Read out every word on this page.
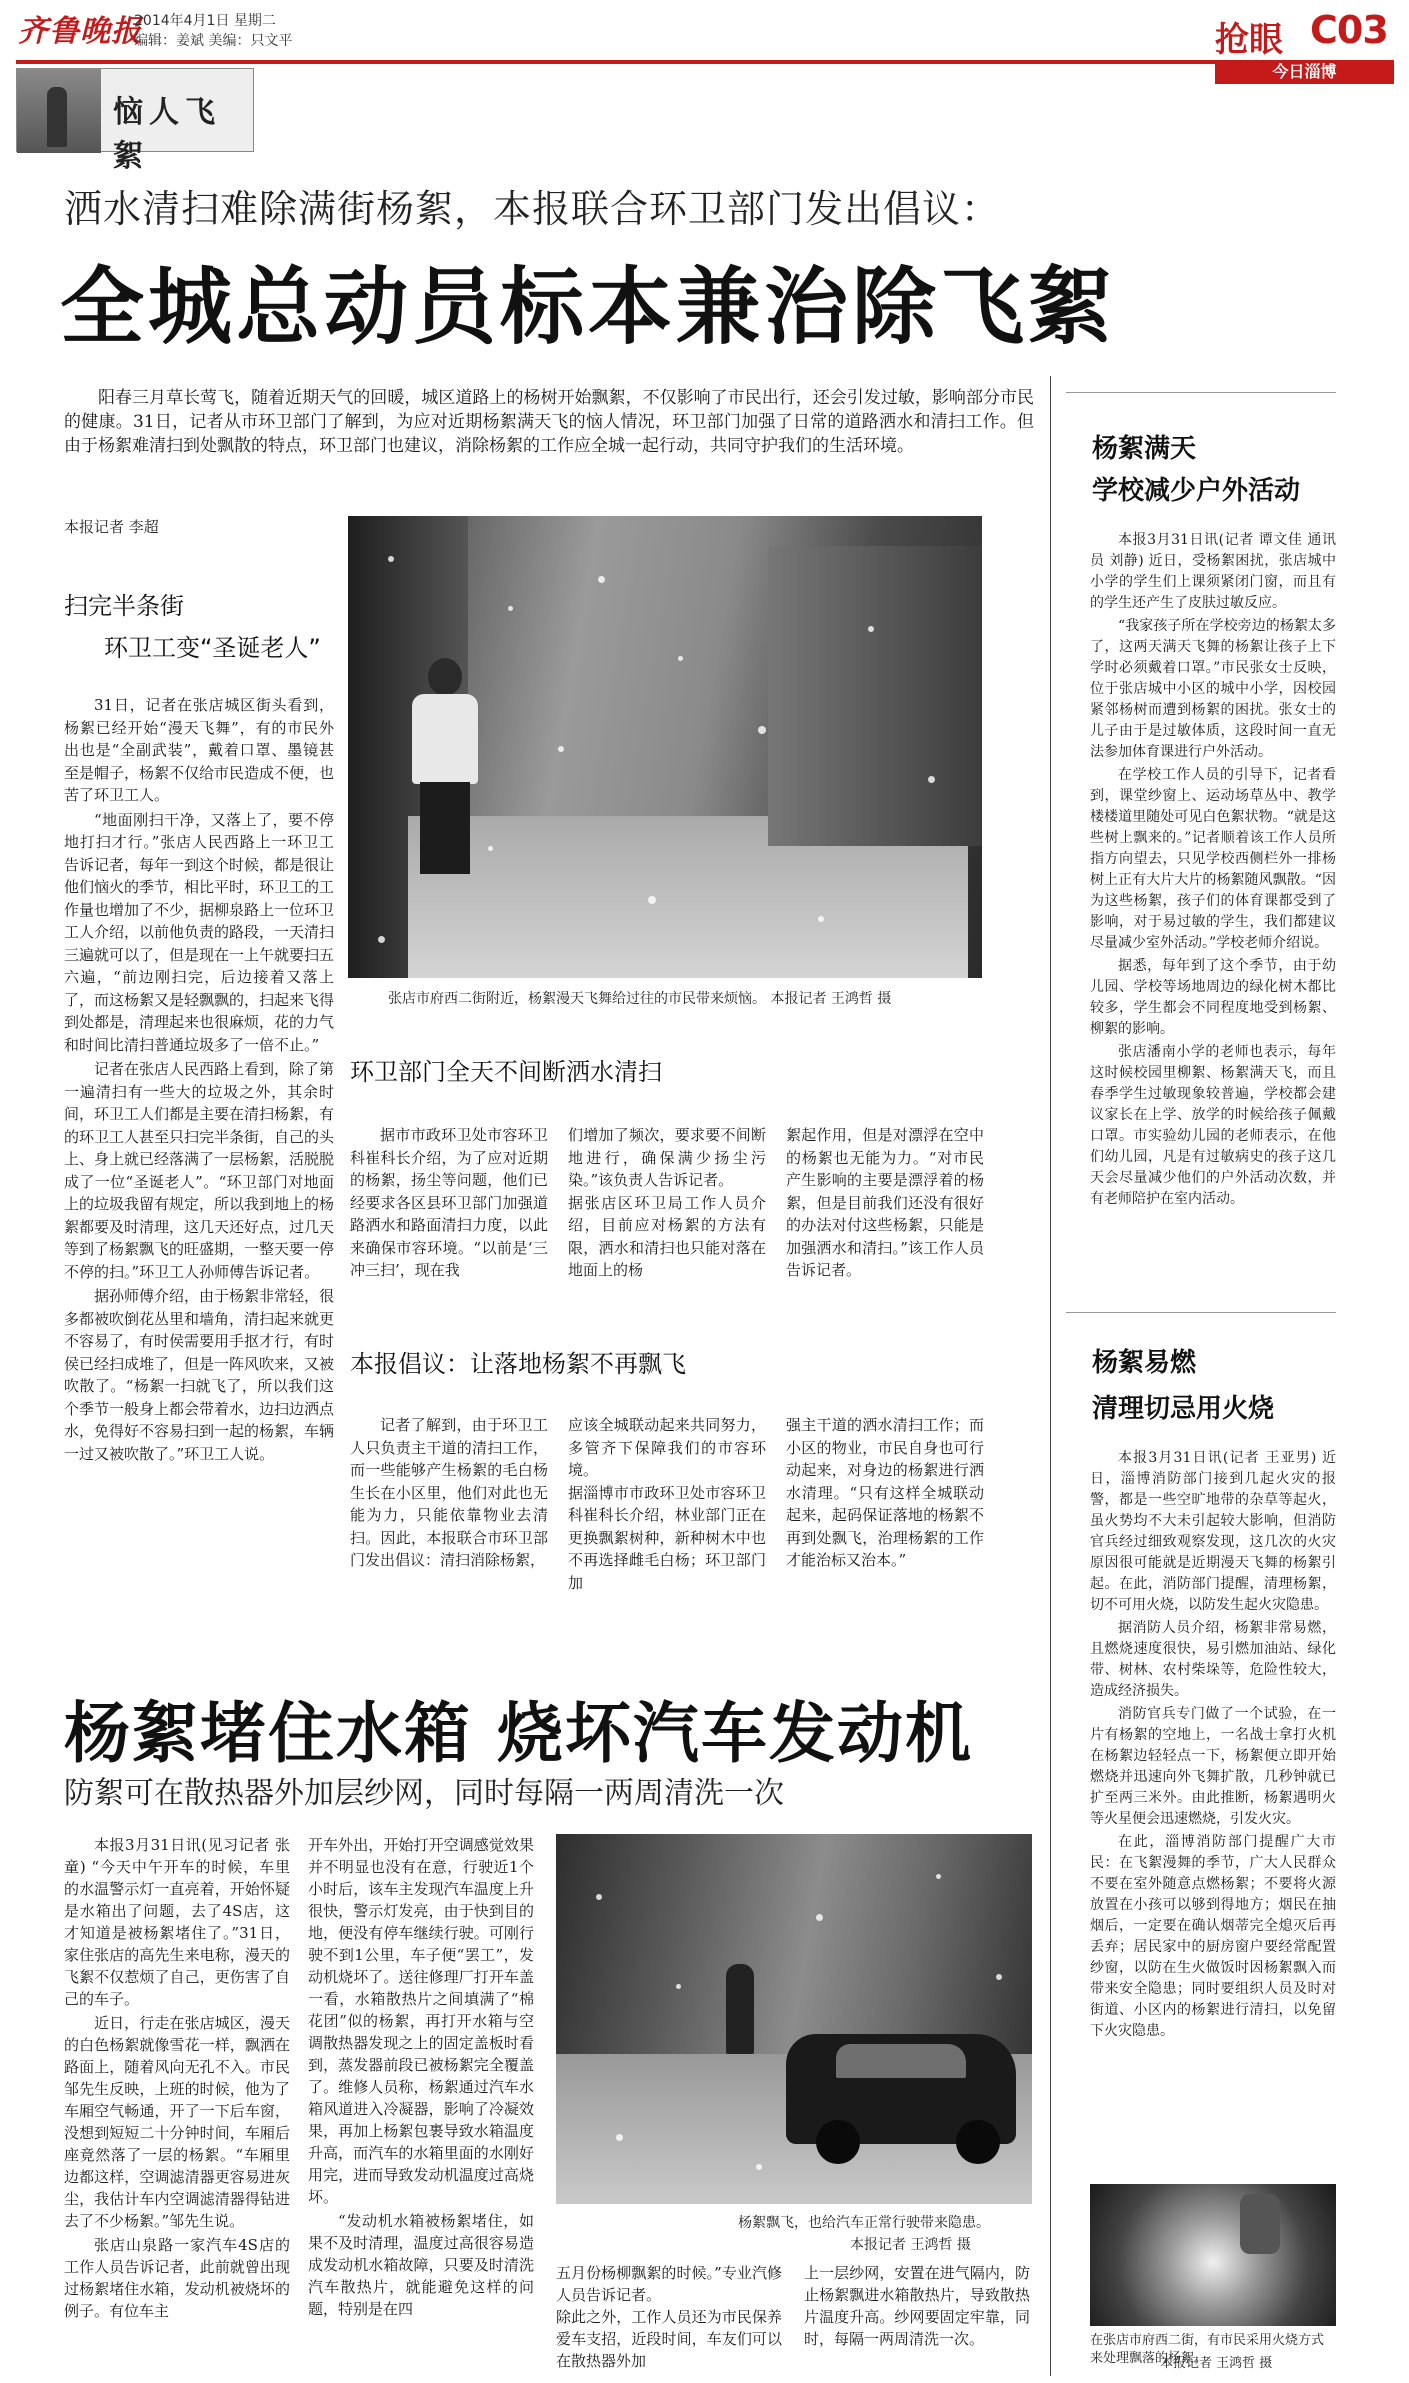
齐鲁晚报
2014年4月1日 星期二
编辑：姜斌 美编：只文平	抢眼 C03
今日淄博
恼人飞絮
洒水清扫难除满街杨絮，本报联合环卫部门发出倡议：
全城总动员标本兼治除飞絮

阳春三月草长莺飞，随着近期天气的回暖，城区道路上的杨树开始飘絮，不仅影响了市民出行，还会引发过敏，影响部分市民的健康。31日，记者从市环卫部门了解到，为应对近期杨絮满天飞的恼人情况，环卫部门加强了日常的道路洒水和清扫工作。但由于杨絮难清扫到处飘散的特点，环卫部门也建议，消除杨絮的工作应全城一起行动，共同守护我们的生活环境。

本报记者 李超
扫完半条街
环卫工变“圣诞老人”

31日，记者在张店城区街头看到，杨絮已经开始“漫天飞舞”，有的市民外出也是“全副武装”，戴着口罩、墨镜甚至是帽子，杨絮不仅给市民造成不便，也苦了环卫工人。

“地面刚扫干净，又落上了，要不停地打扫才行。”张店人民西路上一环卫工告诉记者，每年一到这个时候，都是很让他们恼火的季节，相比平时，环卫工的工作量也增加了不少，据柳泉路上一位环卫工人介绍，以前他负责的路段，一天清扫三遍就可以了，但是现在一上午就要扫五六遍，“前边刚扫完，后边接着又落上了，而这杨絮又是轻飘飘的，扫起来飞得到处都是，清理起来也很麻烦，花的力气和时间比清扫普通垃圾多了一倍不止。”

记者在张店人民西路上看到，除了第一遍清扫有一些大的垃圾之外，其余时间，环卫工人们都是主要在清扫杨絮，有的环卫工人甚至只扫完半条街，自己的头上、身上就已经落满了一层杨絮，活脱脱成了一位“圣诞老人”。“环卫部门对地面上的垃圾我留有规定，所以我到地上的杨絮都要及时清理，这几天还好点，过几天等到了杨絮飘飞的旺盛期，一整天要一停不停的扫。”环卫工人孙师傅告诉记者。

据孙师傅介绍，由于杨絮非常轻，很多都被吹倒花丛里和墙角，清扫起来就更不容易了，有时侯需要用手抠才行，有时侯已经扫成堆了，但是一阵风吹来，又被吹散了。“杨絮一扫就飞了，所以我们这个季节一般身上都会带着水，边扫边洒点水，免得好不容易扫到一起的杨絮，车辆一过又被吹散了。”环卫工人说。

张店市府西二街附近，杨絮漫天飞舞给过往的市民带来烦恼。 本报记者 王鸿哲 摄
环卫部门全天不间断洒水清扫

据市市政环卫处市容环卫科崔科长介绍，为了应对近期的杨絮，扬尘等问题，他们已经要求各区县环卫部门加强道路洒水和路面清扫力度，以此来确保市容环境。“以前是‘三冲三扫’，现在我

们增加了频次，要求要不间断地进行，确保满少扬尘污染。”该负责人告诉记者。
据张店区环卫局工作人员介绍，目前应对杨絮的方法有限，洒水和清扫也只能对落在地面上的杨

絮起作用，但是对漂浮在空中的杨絮也无能为力。“对市民产生影响的主要是漂浮着的杨絮，但是目前我们还没有很好的办法对付这些杨絮，只能是加强洒水和清扫。”该工作人员告诉记者。

本报倡议：让落地杨絮不再飘飞

记者了解到，由于环卫工人只负责主干道的清扫工作，而一些能够产生杨絮的毛白杨生长在小区里，他们对此也无能为力，只能依靠物业去清扫。因此，本报联合市环卫部门发出倡议：清扫消除杨絮，

应该全城联动起来共同努力，多管齐下保障我们的市容环境。
据淄博市市政环卫处市容环卫科崔科长介绍，林业部门正在更换飘絮树种，新种树木中也不再选择雌毛白杨；环卫部门加

强主干道的洒水清扫工作；而小区的物业，市民自身也可行动起来，对身边的杨絮进行洒水清理。“只有这样全城联动起来，起码保证落地的杨絮不再到处飘飞，治理杨絮的工作才能治标又治本。”

杨絮满天
学校减少户外活动

本报3月31日讯(记者 谭文佳 通讯员 刘静) 近日，受杨絮困扰，张店城中小学的学生们上课须紧闭门窗，而且有的学生还产生了皮肤过敏反应。

“我家孩子所在学校旁边的杨絮太多了，这两天满天飞舞的杨絮让孩子上下学时必须戴着口罩。”市民张女士反映，位于张店城中小区的城中小学，因校园紧邻杨树而遭到杨絮的困扰。张女士的儿子由于是过敏体质，这段时间一直无法参加体育课进行户外活动。

在学校工作人员的引导下，记者看到，课堂纱窗上、运动场草丛中、教学楼楼道里随处可见白色絮状物。“就是这些树上飘来的。”记者顺着该工作人员所指方向望去，只见学校西侧栏外一排杨树上正有大片大片的杨絮随风飘散。“因为这些杨絮，孩子们的体育课都受到了影响，对于易过敏的学生，我们都建议尽量减少室外活动。”学校老师介绍说。

据悉，每年到了这个季节，由于幼儿园、学校等场地周边的绿化树木都比较多，学生都会不同程度地受到杨絮、柳絮的影响。

张店潘南小学的老师也表示，每年这时候校园里柳絮、杨絮满天飞，而且春季学生过敏现象较普遍，学校都会建议家长在上学、放学的时候给孩子佩戴口罩。市实验幼儿园的老师表示，在他们幼儿园，凡是有过敏病史的孩子这几天会尽量减少他们的户外活动次数，并有老师陪护在室内活动。

杨絮易燃
清理切忌用火烧

本报3月31日讯(记者 王亚男) 近日，淄博消防部门接到几起火灾的报警，都是一些空旷地带的杂草等起火，虽火势均不大未引起较大影响，但消防官兵经过细致观察发现，这几次的火灾原因很可能就是近期漫天飞舞的杨絮引起。在此，消防部门提醒，清理杨絮，切不可用火烧，以防发生起火灾隐患。

据消防人员介绍，杨絮非常易燃，且燃烧速度很快，易引燃加油站、绿化带、树林、农村柴垛等，危险性较大，造成经济损失。

消防官兵专门做了一个试验，在一片有杨絮的空地上，一名战士拿打火机在杨絮边轻轻点一下，杨絮便立即开始燃烧并迅速向外飞舞扩散，几秒钟就已扩至两三米外。由此推断，杨絮遇明火等火星便会迅速燃烧，引发火灾。

在此，淄博消防部门提醒广大市民：在飞絮漫舞的季节，广大人民群众不要在室外随意点燃杨絮；不要将火源放置在小孩可以够到得地方；烟民在抽烟后，一定要在确认烟蒂完全熄灭后再丢弃；居民家中的厨房窗户要经常配置纱窗，以防在生火做饭时因杨絮飘入而带来安全隐患；同时要组织人员及时对街道、小区内的杨絮进行清扫，以免留下火灾隐患。

在张店市府西二街，有市民采用火烧方式来处理飘落的杨絮。
本报记者 王鸿哲 摄
杨絮堵住水箱 烧坏汽车发动机
防絮可在散热器外加层纱网，同时每隔一两周清洗一次

本报3月31日讯(见习记者 张童) “今天中午开车的时候，车里的水温警示灯一直亮着，开始怀疑是水箱出了问题，去了4S店，这才知道是被杨絮堵住了。”31日，家住张店的高先生来电称，漫天的飞絮不仅惹烦了自己，更伤害了自己的车子。

近日，行走在张店城区，漫天的白色杨絮就像雪花一样，飘洒在路面上，随着风向无孔不入。市民邹先生反映，上班的时候，他为了车厢空气畅通，开了一下后车窗，没想到短短二十分钟时间，车厢后座竟然落了一层的杨絮。“车厢里边都这样，空调滤清器更容易进灰尘，我估计车内空调滤清器得钻进去了不少杨絮。”邹先生说。

张店山泉路一家汽车4S店的工作人员告诉记者，此前就曾出现过杨絮堵住水箱，发动机被烧坏的例子。有位车主

开车外出，开始打开空调感觉效果并不明显也没有在意，行驶近1个小时后，该车主发现汽车温度上升很快，警示灯发亮，由于快到目的地，便没有停车继续行驶。可刚行驶不到1公里，车子便“罢工”，发动机烧坏了。送往修理厂打开车盖一看，水箱散热片之间填满了“棉花团”似的杨絮，再打开水箱与空调散热器发现之上的固定盖板时看到，蒸发器前段已被杨絮完全覆盖了。维修人员称，杨絮通过汽车水箱风道进入冷凝器，影响了冷凝效果，再加上杨絮包裹导致水箱温度升高，而汽车的水箱里面的水刚好用完，进而导致发动机温度过高烧坏。

“发动机水箱被杨絮堵住，如果不及时清理，温度过高很容易造成发动机水箱故障，只要及时清洗汽车散热片，就能避免这样的问题，特别是在四

杨絮飘飞，也给汽车正常行驶带来隐患。
本报记者 王鸿哲 摄

五月份杨柳飘絮的时候。”专业汽修人员告诉记者。
除此之外，工作人员还为市民保养爱车支招，近段时间，车友们可以在散热器外加

上一层纱网，安置在进气隔内，防止杨絮飘进水箱散热片，导致散热片温度升高。纱网要固定牢靠，同时，每隔一两周清洗一次。
